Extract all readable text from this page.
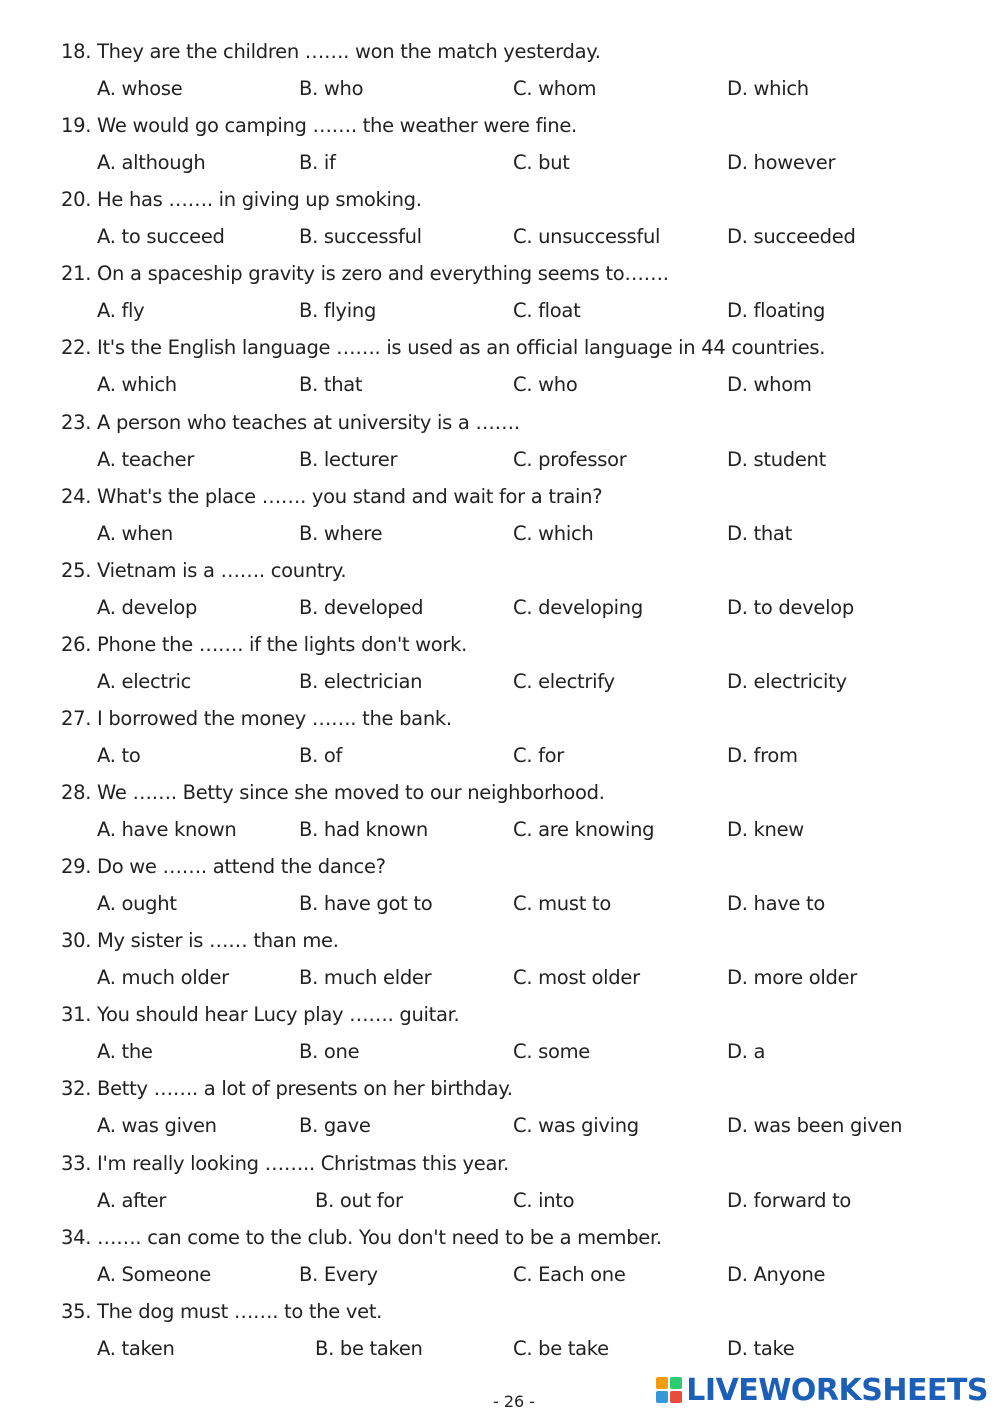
18. They are the children ……. won the match yesterday.
A. whose	B. who	C. whom	D. which
19. We would go camping ……. the weather were fine.
A. although	B. if	C. but	D. however
20. He has ……. in giving up smoking.
A. to succeed	B. successful	C. unsuccessful	D. succeeded
21. On a spaceship gravity is zero and everything seems to…….
A. fly	B. flying	C. float	D. floating
22. It's the English language ……. is used as an official language in 44 countries.
A. which	B. that	C. who	D. whom
23. A person who teaches at university is a …….
A. teacher	B. lecturer	C. professor	D. student
24. What's the place ……. you stand and wait for a train?
A. when	B. where	C. which	D. that
25. Vietnam is a ……. country.
A. develop	B. developed	C. developing	D. to develop
26. Phone the ……. if the lights don't work.
A. electric	B. electrician	C. electrify	D. electricity
27. I borrowed the money ……. the bank.
A. to	B. of	C. for	D. from
28. We ……. Betty since she moved to our neighborhood.
A. have known	B. had known	C. are knowing	D. knew
29. Do we ……. attend the dance?
A. ought	B. have got to	C. must to	D. have to
30. My sister is …… than me.
A. much older	B. much elder	C. most older	D. more older
31. You should hear Lucy play ……. guitar.
A. the	B. one	C. some	D. a
32. Betty ……. a lot of presents on her birthday.
A. was given	B. gave	C. was giving	D. was been given
33. I'm really looking …….. Christmas this year.
A. after	B. out for	C. into	D. forward to
34. ……. can come to the club. You don't need to be a member.
A. Someone	B. Every	C. Each one	D. Anyone
35. The dog must ……. to the vet.
A. taken	B. be taken	C. be take	D. take
- 26 -	LIVEWORKSHEETS
